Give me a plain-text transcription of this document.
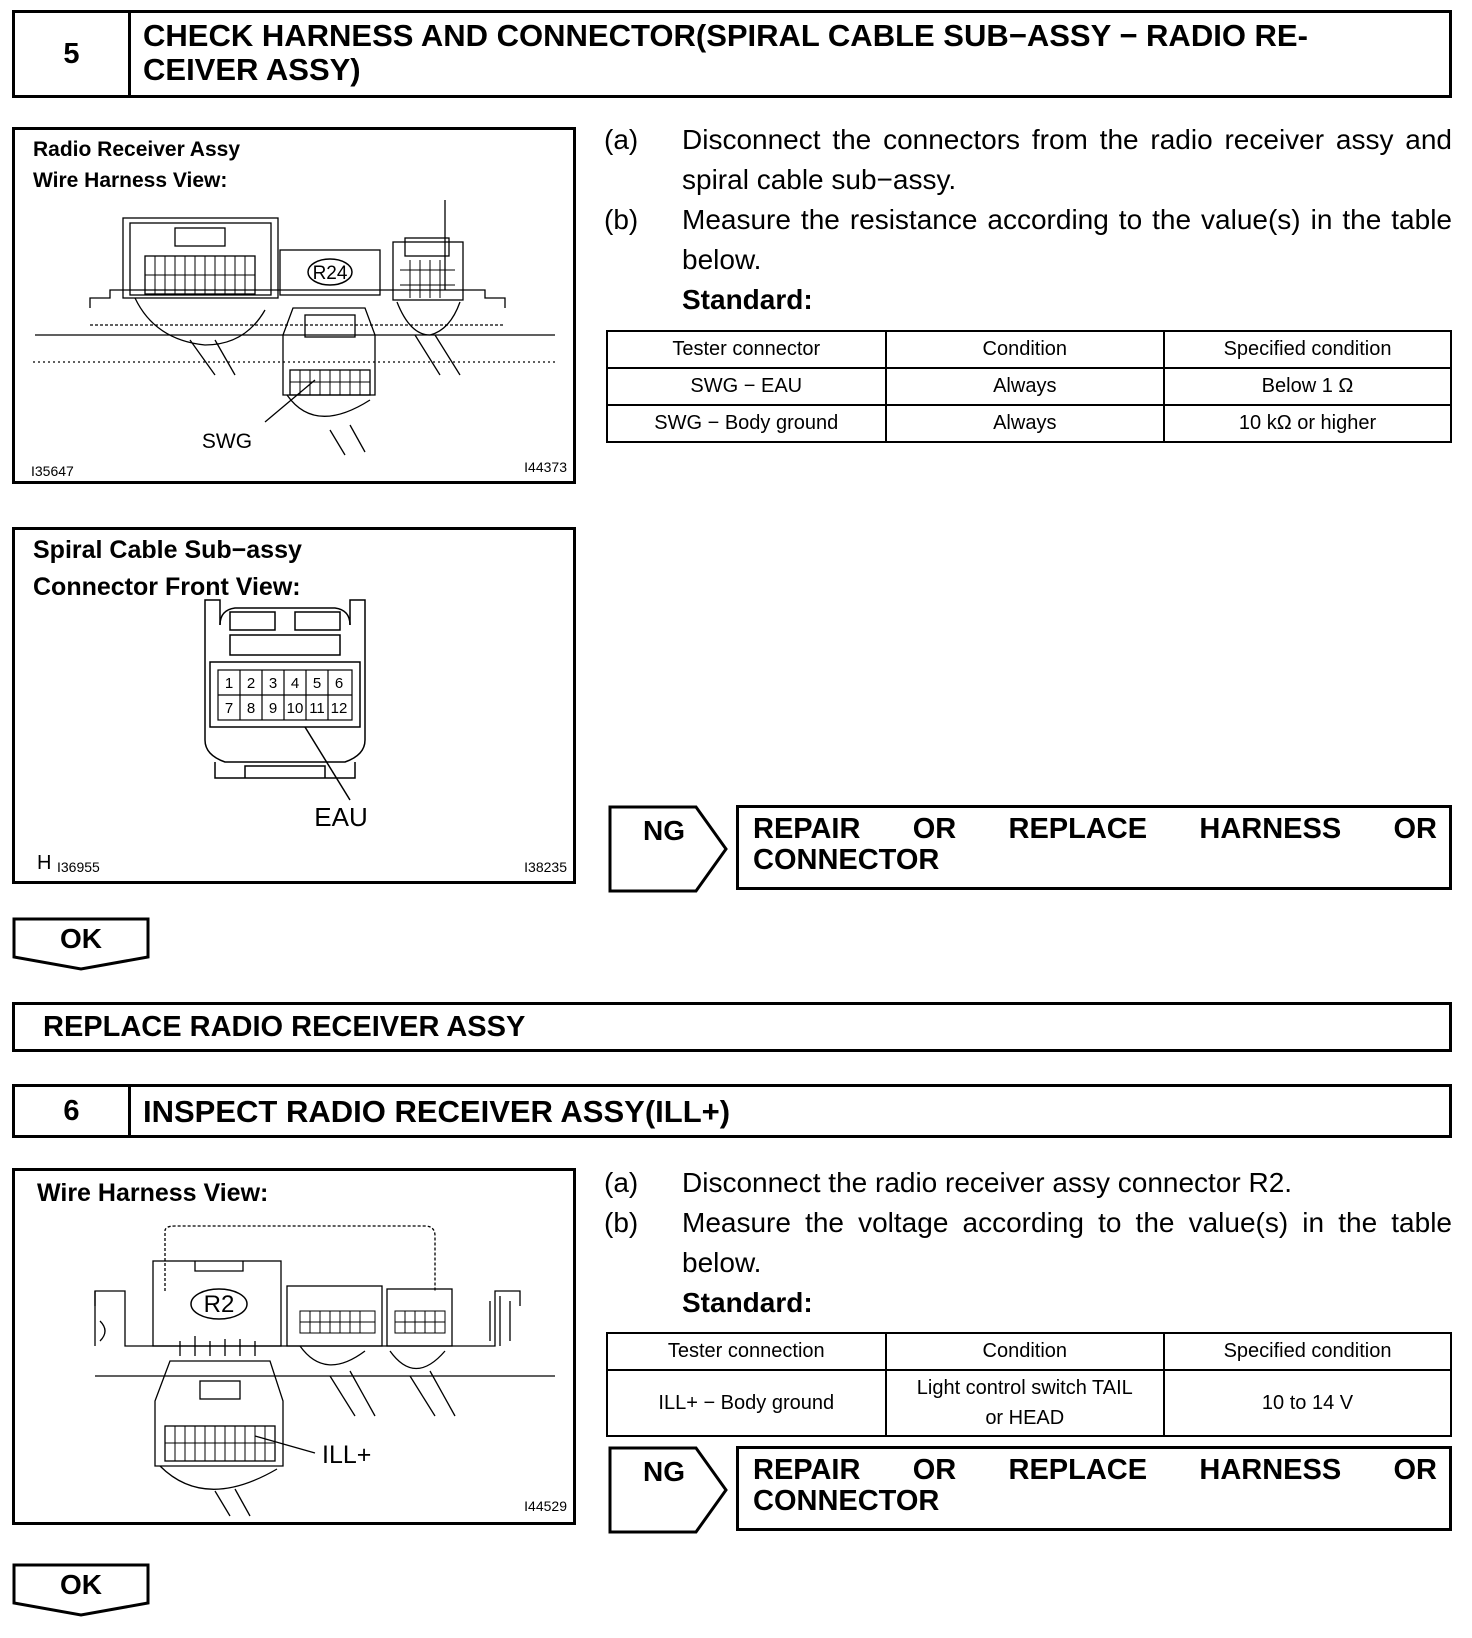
5
CHECK HARNESS AND CONNECTOR(SPIRAL CABLE SUB−ASSY − RADIO RE-
CEIVER ASSY)
Radio Receiver Assy
Wire Harness View:
R24
SWG
I35647	I44373
Spiral Cable Sub−assy
Connector Front View:
1 2 3 4 5 6
7 8 9 10 11 12
EAU
H I36955	I38235
(a)	Disconnect the connectors from the radio receiver assy and spiral cable sub−assy.
(b)	Measure the resistance according to the value(s) in the table below.
Standard:
Tester connector	Condition	Specified condition
SWG − EAU	Always	Below 1 Ω
SWG − Body ground	Always	10 kΩ or higher
NG REPAIR OR REPLACE HARNESS OR
CONNECTOR
OK
REPLACE RADIO RECEIVER ASSY
6	INSPECT RADIO RECEIVER ASSY(ILL+)
Wire Harness View:
R2
ILL+
I44529
(a)	Disconnect the radio receiver assy connector R2.
(b)	Measure the voltage according to the value(s) in the table below.
Standard:
Tester connection	Condition	Specified condition
ILL+ − Body ground	Light control switch TAIL or HEAD	10 to 14 V
NG REPAIR OR REPLACE HARNESS OR
CONNECTOR
OK
